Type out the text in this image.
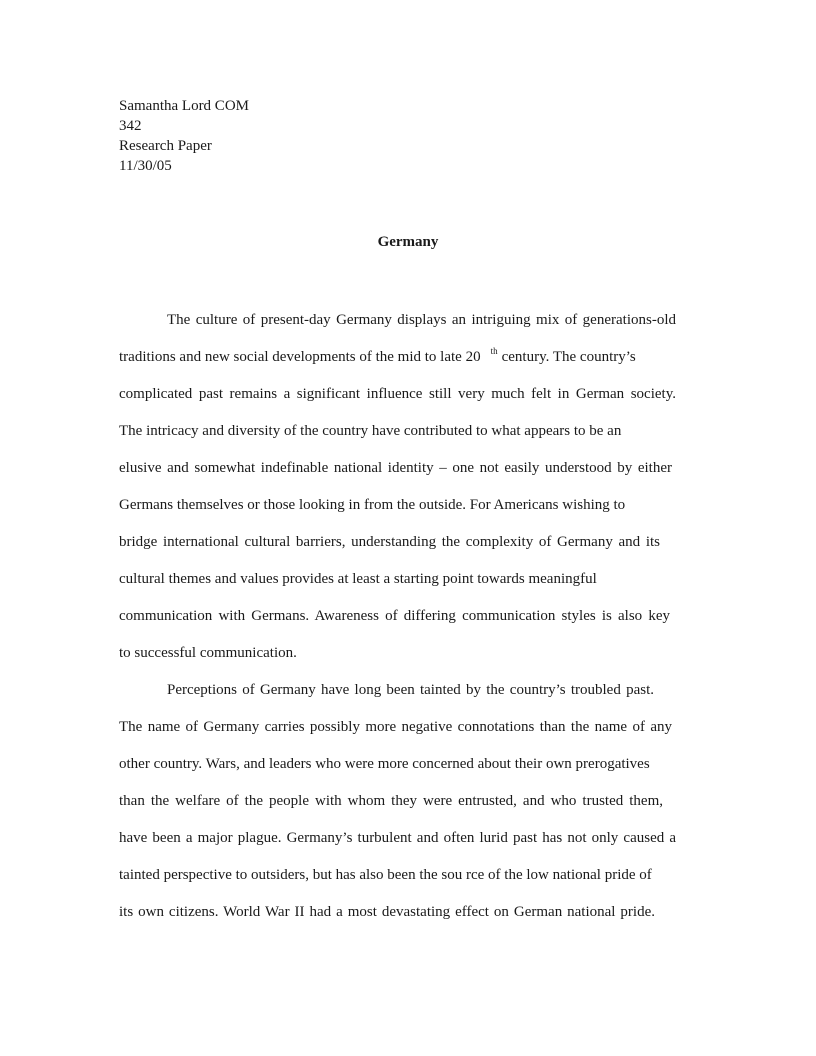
Samantha Lord COM
342
Research Paper
11/30/05
Germany
The culture of present-day Germany displays an intriguing mix of generations-old
traditions and new social developments of the mid to late 20 $^{th}$ century. The country’s
complicated past remains a significant influence still very much felt in German society.
The intricacy and diversity of the country have contributed to what appears to be an
elusive and somewhat indefinable national identity – one not easily understood by either
Germans themselves or those looking in from the outside. For Americans wishing to
bridge international cultural barriers, understanding the complexity of Germany and its
cultural themes and values provides at least a starting point towards meaningful
communication with Germans. Awareness of differing communication styles is also key
to successful communication.
Perceptions of Germany have long been tainted by the country’s troubled past.
The name of Germany carries possibly more negative connotations than the name of any
other country. Wars, and leaders who were more concerned about their own prerogatives
than the welfare of the people with whom they were entrusted, and who trusted them,
have been a major plague. Germany’s turbulent and often lurid past has not only caused a
tainted perspective to outsiders, but has also been the sou rce of the low national pride of
its own citizens. World War II had a most devastating effect on German national pride.
